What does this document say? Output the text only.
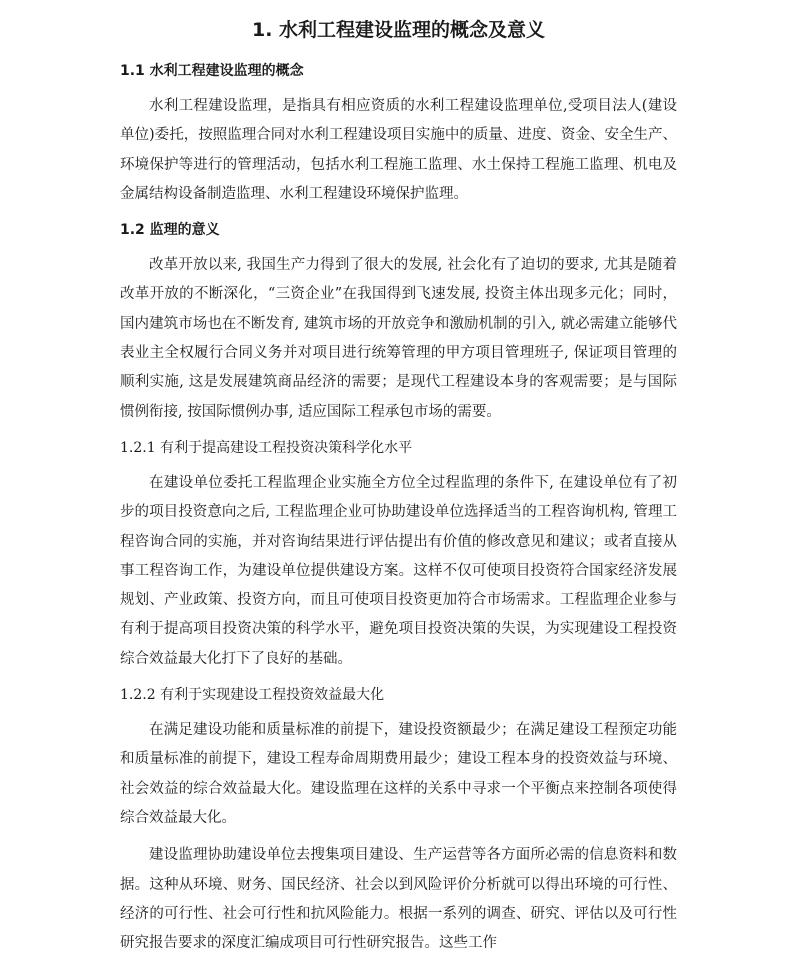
1. 水利工程建设监理的概念及意义
1.1 水利工程建设监理的概念

水利工程建设监理，是指具有相应资质的水利工程建设监理单位,受项目法人(建设单位)委托，按照监理合同对水利工程建设项目实施中的质量、进度、资金、安全生产、环境保护等进行的管理活动，包括水利工程施工监理、水土保持工程施工监理、机电及金属结构设备制造监理、水利工程建设环境保护监理。

1.2 监理的意义

改革开放以来, 我国生产力得到了很大的发展, 社会化有了迫切的要求, 尤其是随着改革开放的不断深化，“三资企业”在我国得到飞速发展, 投资主体出现多元化；同时，国内建筑市场也在不断发育, 建筑市场的开放竞争和激励机制的引入, 就必需建立能够代表业主全权履行合同义务并对项目进行统筹管理的甲方项目管理班子, 保证项目管理的顺利实施, 这是发展建筑商品经济的需要；是现代工程建设本身的客观需要；是与国际惯例衔接, 按国际惯例办事, 适应国际工程承包市场的需要。

1.2.1 有利于提高建设工程投资决策科学化水平

在建设单位委托工程监理企业实施全方位全过程监理的条件下, 在建设单位有了初步的项目投资意向之后, 工程监理企业可协助建设单位选择适当的工程咨询机构, 管理工程咨询合同的实施，并对咨询结果进行评估提出有价值的修改意见和建议；或者直接从事工程咨询工作，为建设单位提供建设方案。这样不仅可使项目投资符合国家经济发展规划、产业政策、投资方向，而且可使项目投资更加符合市场需求。工程监理企业参与有利于提高项目投资决策的科学水平，避免项目投资决策的失误，为实现建设工程投资综合效益最大化打下了良好的基础。

1.2.2 有利于实现建设工程投资效益最大化

在满足建设功能和质量标准的前提下，建设投资额最少；在满足建设工程预定功能和质量标准的前提下，建设工程寿命周期费用最少；建设工程本身的投资效益与环境、社会效益的综合效益最大化。建设监理在这样的关系中寻求一个平衡点来控制各项使得综合效益最大化。

建设监理协助建设单位去搜集项目建设、生产运营等各方面所必需的信息资料和数据。这种从环境、财务、国民经济、社会以到风险评价分析就可以得出环境的可行性、经济的可行性、社会可行性和抗风险能力。根据一系列的调查、研究、评估以及可行性研究报告要求的深度汇编成项目可行性研究报告。这些工作
